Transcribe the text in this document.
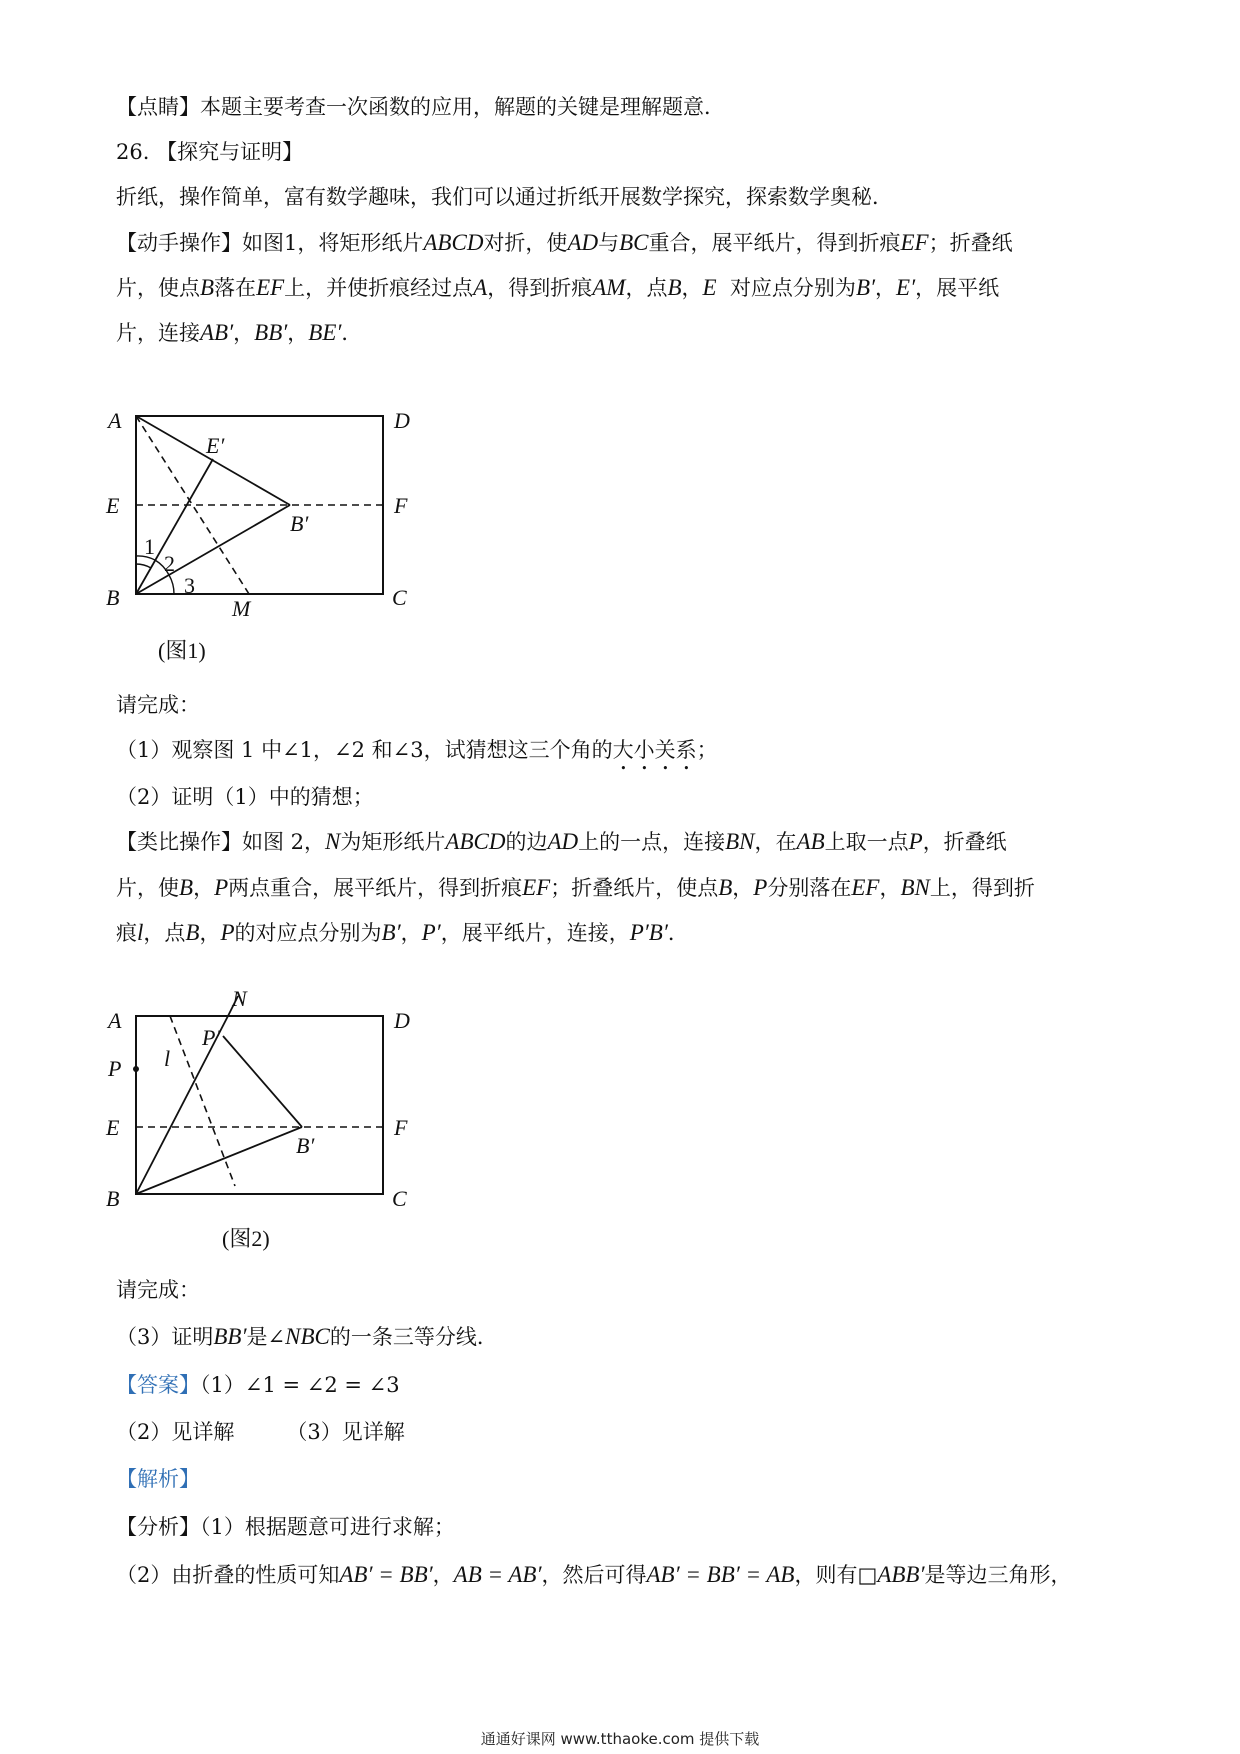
【点睛】本题主要考查一次函数的应用，解题的关键是理解题意．
26. 【探究与证明】
折纸，操作简单，富有数学趣味，我们可以通过折纸开展数学探究，探索数学奥秘．
【动手操作】如图1，将矩形纸片ABCD对折，使AD与BC重合，展平纸片，得到折痕EF；折叠纸
片，使点B落在EF上，并使折痕经过点A，得到折痕AM，点B，E 对应点分别为B′，E′，展平纸
片，连接AB′，BB′，BE′．
A	D
E′
E	F
B′
B	M	C
1
2
3
(图1)
请完成：
（1）观察图 1 中∠1，∠2 和∠3，试猜想这三个角的大小关系；
（2）证明（1）中的猜想；
【类比操作】如图 2，N为矩形纸片ABCD的边AD上的一点，连接BN，在AB上取一点P，折叠纸
片，使B，P两点重合，展平纸片，得到折痕EF；折叠纸片，使点B，P分别落在EF，BN上，得到折
痕l，点B，P的对应点分别为B′，P′，展平纸片，连接，P′B′．
A
N
D
P′
l
P
E	F
B′
B	C
(图2)
请完成：
（3）证明BB′是∠NBC的一条三等分线．
【答案】（1）∠1 = ∠2 = ∠3
（2）见详解 （3）见详解
【解析】
【分析】（1）根据题意可进行求解；
（2）由折叠的性质可知AB′ = BB′，AB = AB′，然后可得AB′ = BB′ = AB，则有□ABB′是等边三角形，
通通好课网 www.tthaoke.com 提供下载
